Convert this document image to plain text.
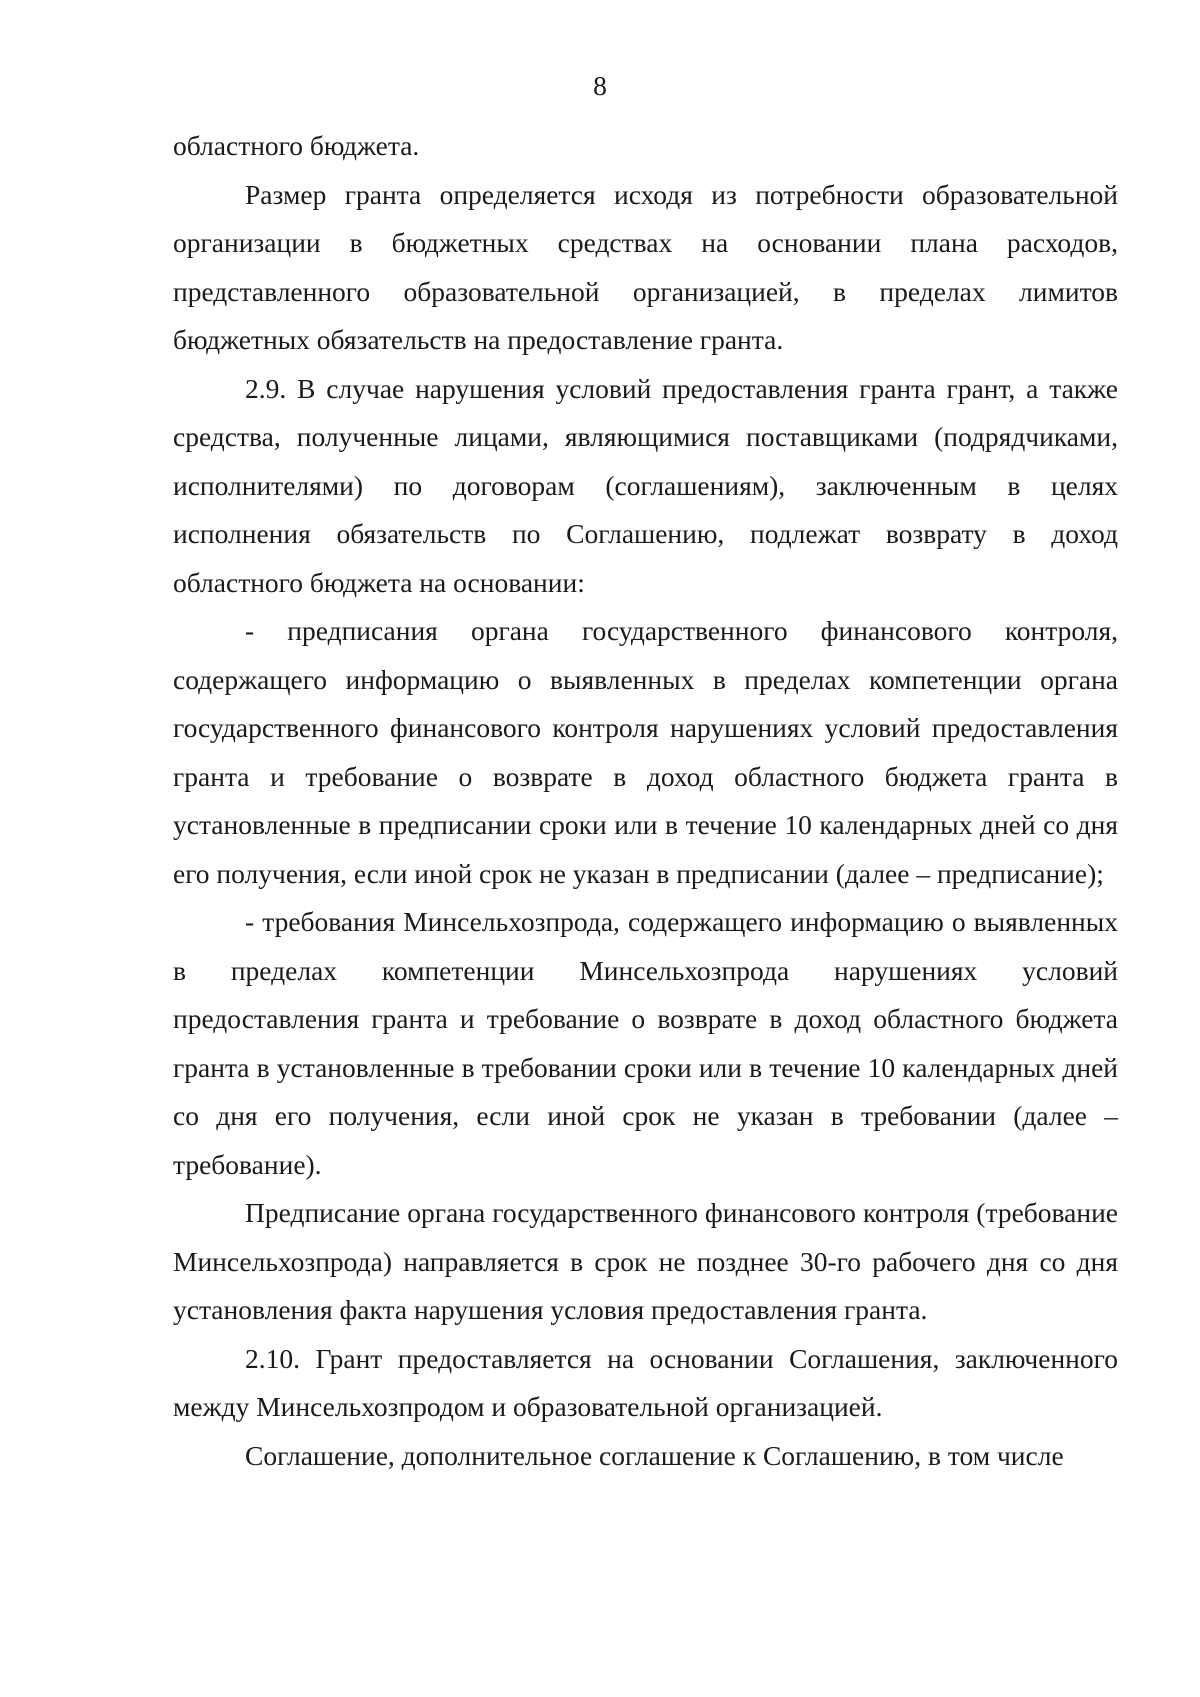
8

областного бюджета.

Размер гранта определяется исходя из потребности образовательной организации в бюджетных средствах на основании плана расходов, представленного образовательной организацией, в пределах лимитов бюджетных обязательств на предоставление гранта.

2.9. В случае нарушения условий предоставления гранта грант, а также средства, полученные лицами, являющимися поставщиками (подрядчиками, исполнителями) по договорам (соглашениям), заключенным в целях исполнения обязательств по Соглашению, подлежат возврату в доход областного бюджета на основании:

- предписания органа государственного финансового контроля, содержащего информацию о выявленных в пределах компетенции органа государственного финансового контроля нарушениях условий предоставления гранта и требование о возврате в доход областного бюджета гранта в установленные в предписании сроки или в течение 10 календарных дней со дня его получения, если иной срок не указан в предписании (далее – предписание);

- требования Минсельхозпрода, содержащего информацию о выявленных в пределах компетенции Минсельхозпрода нарушениях условий предоставления гранта и требование о возврате в доход областного бюджета гранта в установленные в требовании сроки или в течение 10 календарных дней со дня его получения, если иной срок не указан в требовании (далее – требование).

Предписание органа государственного финансового контроля (требование Минсельхозпрода) направляется в срок не позднее 30-го рабочего дня со дня установления факта нарушения условия предоставления гранта.

2.10. Грант предоставляется на основании Соглашения, заключенного между Минсельхозпродом и образовательной организацией.

Соглашение, дополнительное соглашение к Соглашению, в том числе
